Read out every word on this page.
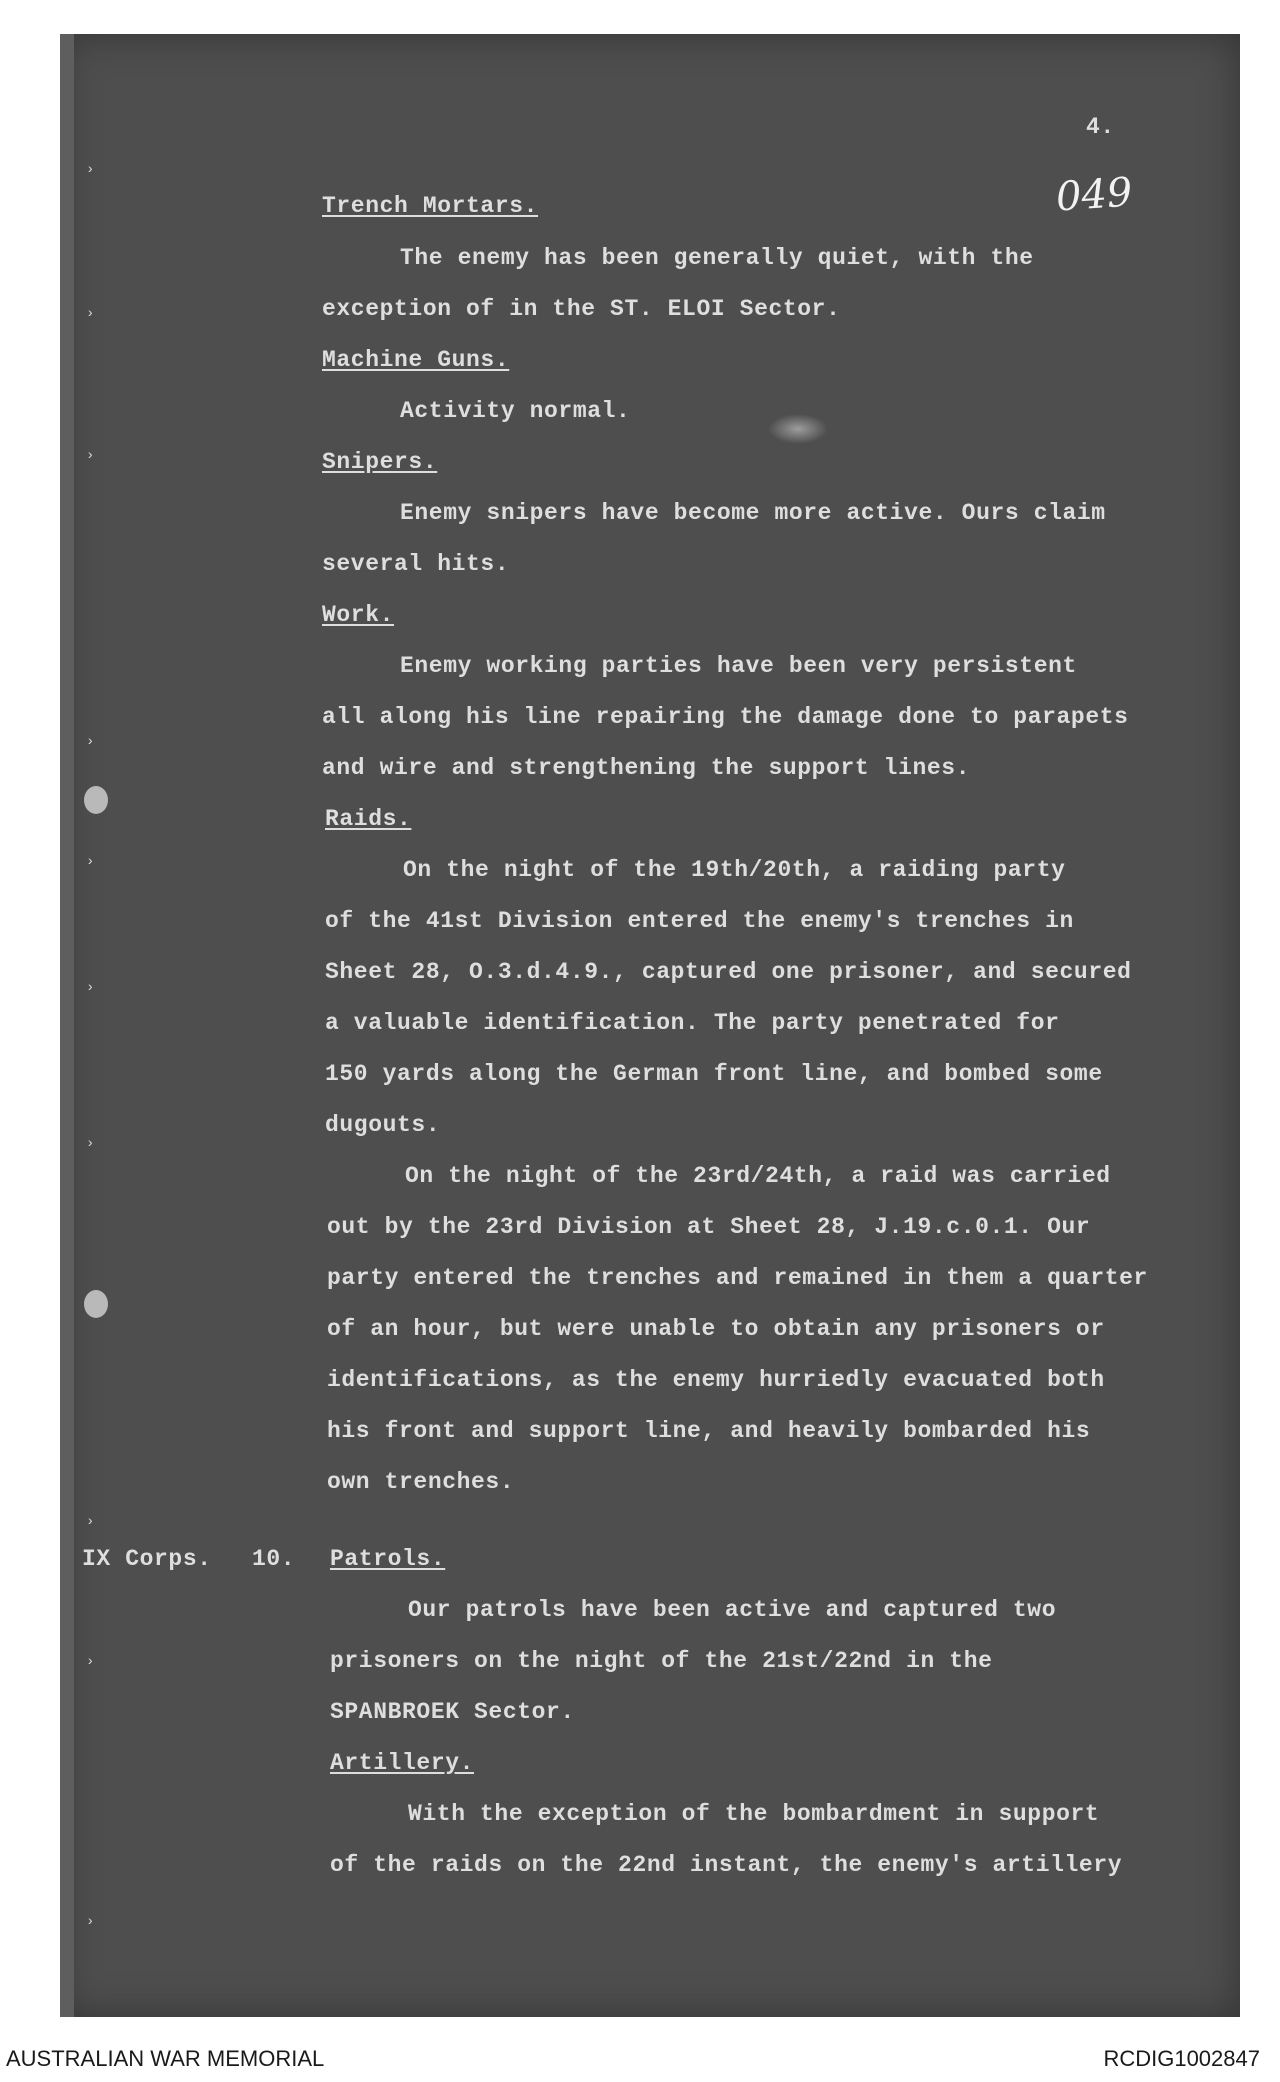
›
›
›
›
›
›
›
›
›
›
4.
049
Trench Mortars.
The enemy has been generally quiet, with the
exception of in the ST. ELOI Sector.
Machine Guns.
Activity normal.
Snipers.
Enemy snipers have become more active. Ours claim
several hits.
Work.
Enemy working parties have been very persistent
all along his line repairing the damage done to parapets
and wire and strengthening the support lines.
Raids.
On the night of the 19th/20th, a raiding party
of the 41st Division entered the enemy's trenches in
Sheet 28, O.3.d.4.9., captured one prisoner, and secured
a valuable identification. The party penetrated for
150 yards along the German front line, and bombed some
dugouts.
On the night of the 23rd/24th, a raid was carried
out by the 23rd Division at Sheet 28, J.19.c.0.1. Our
party entered the trenches and remained in them a quarter
of an hour, but were unable to obtain any prisoners or
identifications, as the enemy hurriedly evacuated both
his front and support line, and heavily bombarded his
own trenches.
IX Corps. 10. Patrols.
Our patrols have been active and captured two
prisoners on the night of the 21st/22nd in the
SPANBROEK Sector.
Artillery.
With the exception of the bombardment in support
of the raids on the 22nd instant, the enemy's artillery
AUSTRALIAN WAR MEMORIAL	RCDIG1002847
